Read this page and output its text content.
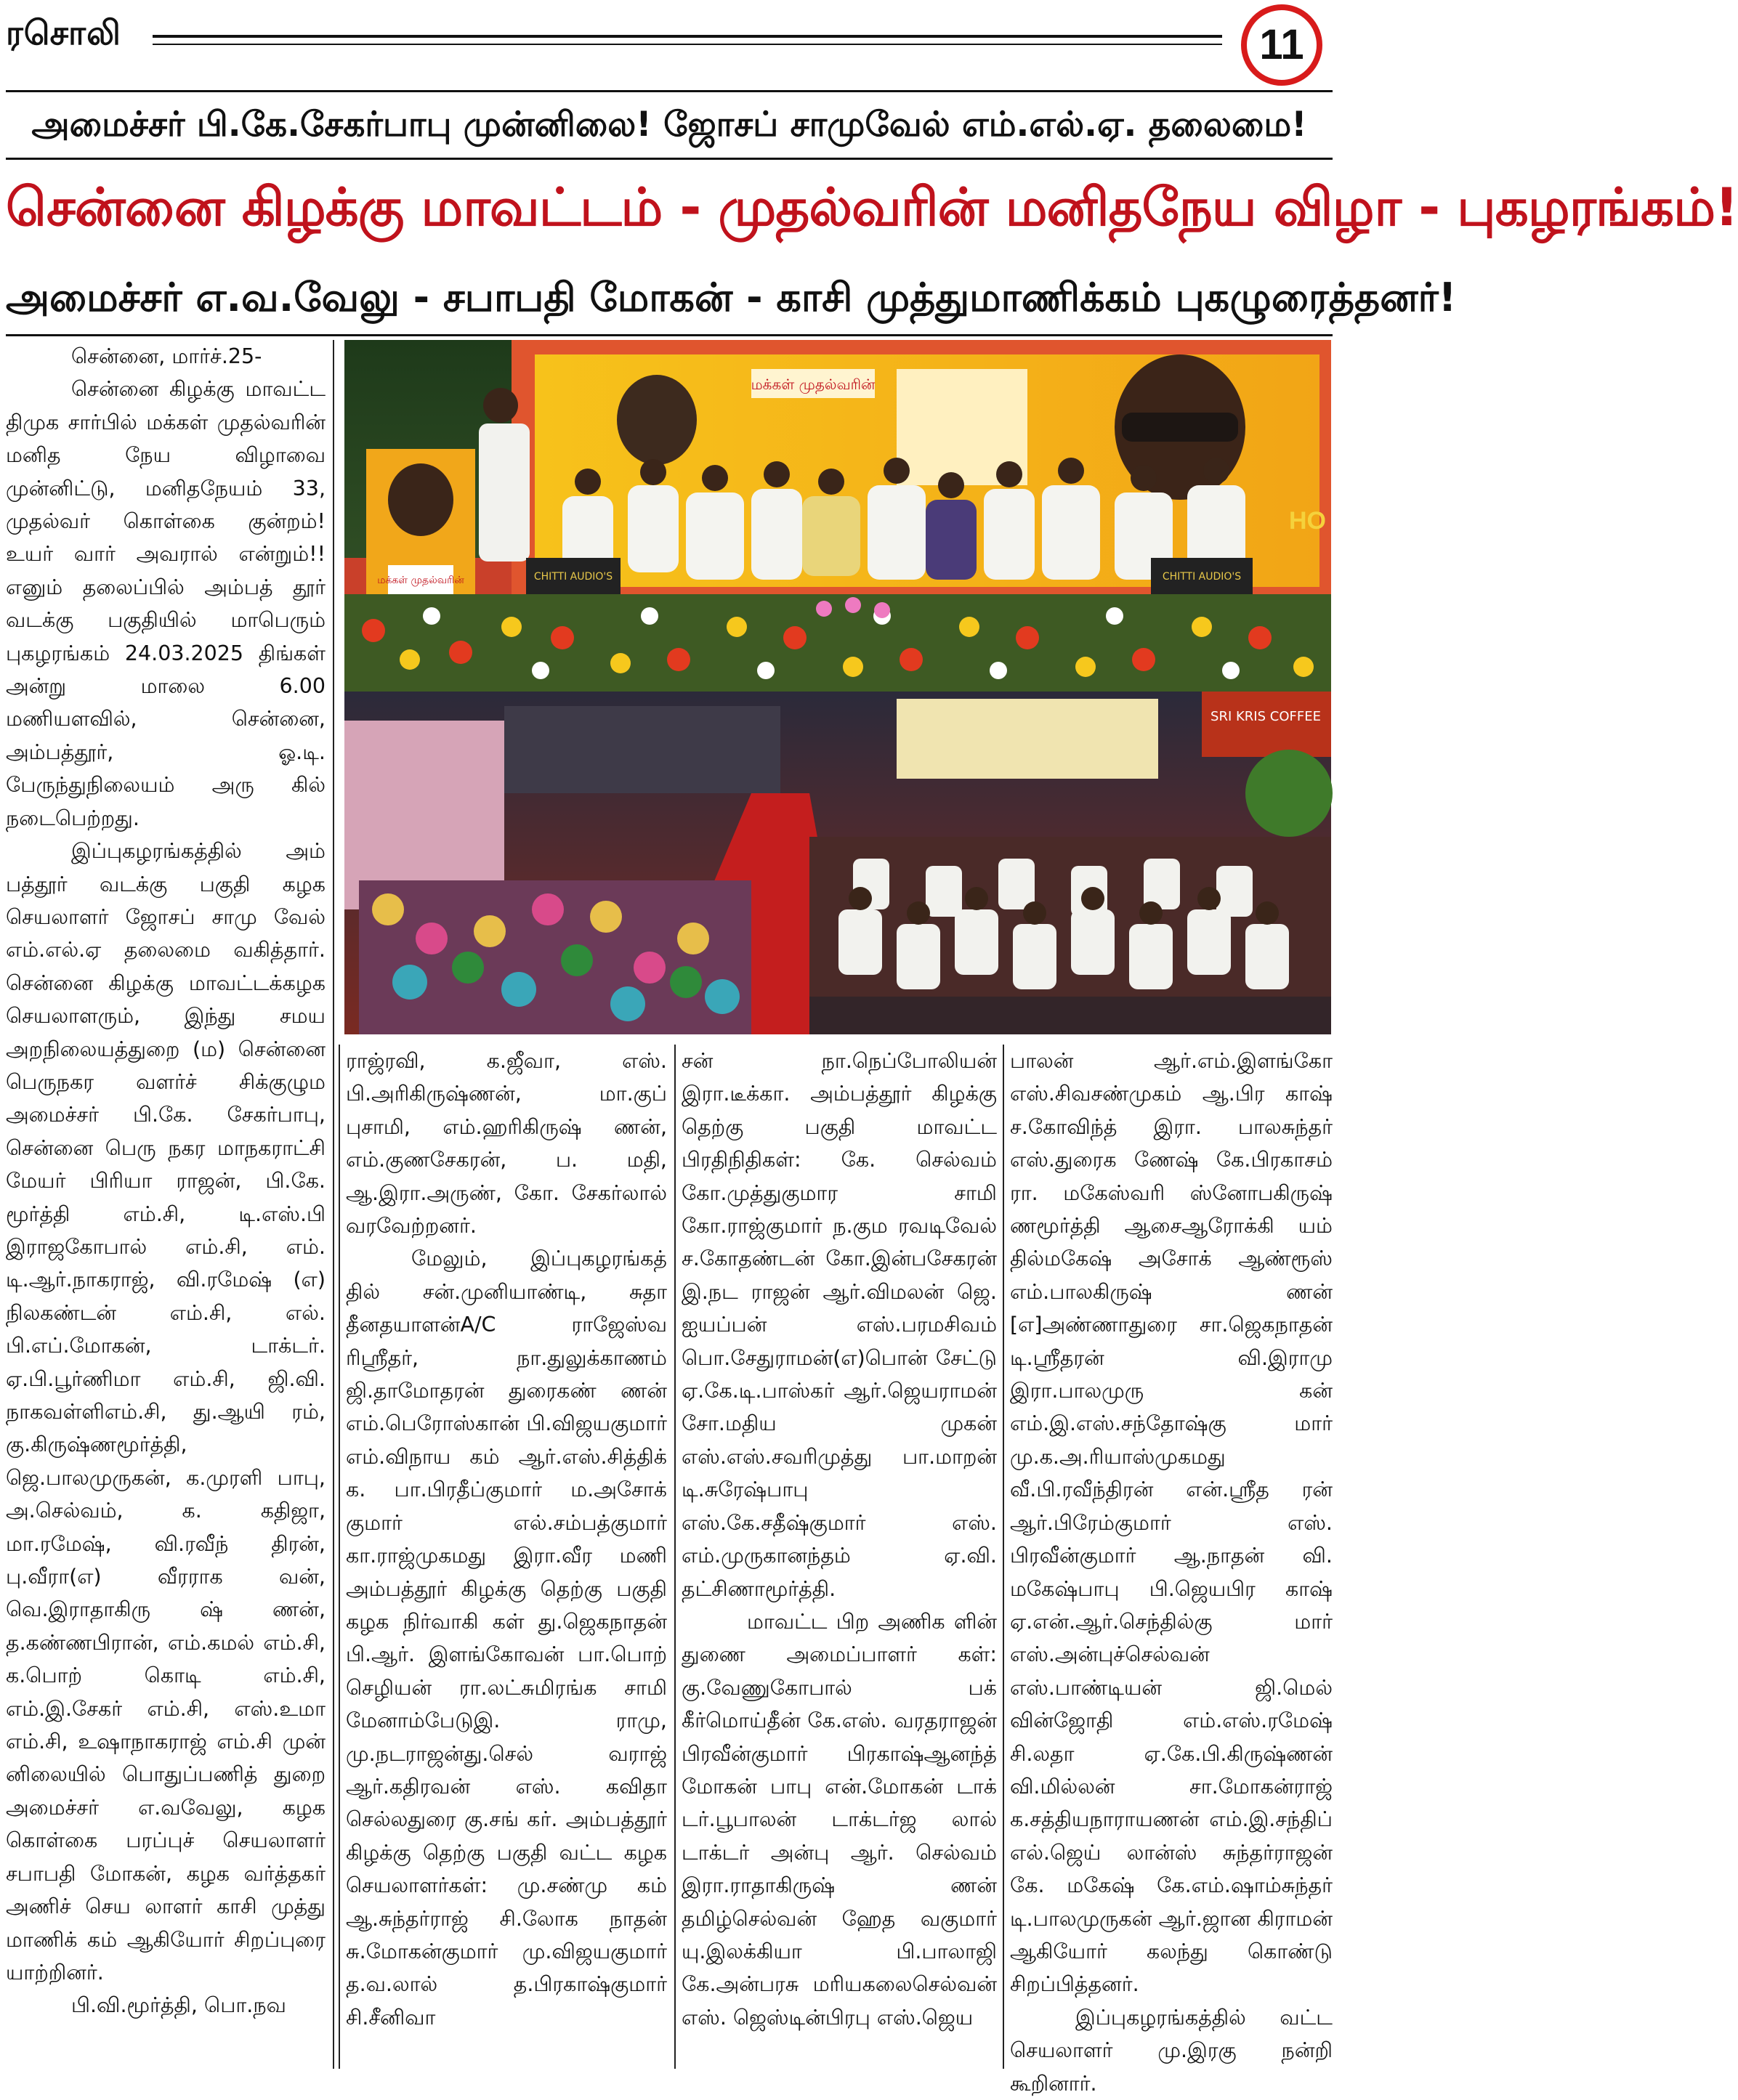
ரசொலி	11
அமைச்சர் பி.கே.சேகர்பாபு முன்னிலை! ஜோசப் சாமுவேல் எம்.எல்.ஏ. தலைமை!
சென்னை கிழக்கு மாவட்டம் - முதல்வரின் மனிதநேய விழா - புகழரங்கம்!
அமைச்சர் எ.வ.வேலு - சபாபதி மோகன் - காசி முத்துமாணிக்கம் புகழுரைத்தனர்!
மக்கள் முதல்வரின்
மக்கள் முதல்வரின்	CHITTI AUDIO'S	CHITTI AUDIO'S
HO
SRI KRIS COFFEE

சென்னை, மார்ச்.25-

சென்னை கிழக்கு மாவட்ட திமுக சார்பில் மக்கள் முதல்வரின் மனித நேய விழாவை முன்னிட்டு, மனிதநேயம் 33, முதல்வர் கொள்கை குன்றம்! உயர் வார் அவரால் என்றும்!! எனும் தலைப்பில் அம்பத் தூர் வடக்கு பகுதியில் மாபெரும் புகழரங்கம் 24.03.2025 திங்கள் அன்று மாலை 6.00 மணியளவில், சென்னை, அம்பத்தூர், ஓ.டி. பேருந்துநிலையம் அரு கில் நடைபெற்றது.

இப்புகழரங்கத்தில் அம் பத்தூர் வடக்கு பகுதி கழக செயலாளர் ஜோசப் சாமு வேல் எம்.எல்.ஏ தலைமை வகித்தார். சென்னை கிழக்கு மாவட்டக்கழக செயலாளரும், இந்து சமய அறநிலையத்துறை (ம) சென்னை பெருநகர வளர்ச் சிக்குழும அமைச்சர் பி.கே. சேகர்பாபு, சென்னை பெரு நகர மாநகராட்சி மேயர் பிரியா ராஜன், பி.கே. மூர்த்தி எம்.சி, டி.எஸ்.பி இராஜகோபால் எம்.சி, எம். டி.ஆர்.நாகராஜ், வி.ரமேஷ் (எ) நிலகண்டன் எம்.சி, எல். பி.எப்.மோகன், டாக்டர். ஏ.பி.பூர்ணிமா எம்.சி, ஜி.வி. நாகவள்ளிஎம்.சி, து.ஆயி ரம், கு.கிருஷ்ணமூர்த்தி, ஜெ.பாலமுருகன், க.முரளி பாபு, அ.செல்வம், க. கதிஜா, மா.ரமேஷ், வி.ரவீந் திரன், பு.வீரா(எ) வீரராக வன், வெ.இராதாகிரு ஷ் ணன், த.கண்ணபிரான், எம்.கமல் எம்.சி, க.பொற் கொடி எம்.சி, எம்.இ.சேகர் எம்.சி, எஸ்.உமா எம்.சி, உஷாநாகராஜ் எம்.சி முன் னிலையில் பொதுப்பணித் துறை அமைச்சர் எ.வவேலு, கழக கொள்கை பரப்புச் செயலாளர் சபாபதி மோகன், கழக வர்த்தகர் அணிச் செய லாளர் காசி முத்து மாணிக் கம் ஆகியோர் சிறப்புரை யாற்றினர்.

பி.வி.மூர்த்தி, பொ.நவ

ராஜ்ரவி, க.ஜீவா, எஸ். பி.அரிகிருஷ்ணன், மா.குப் புசாமி, எம்.ஹரிகிருஷ் ணன், எம்.குணசேகரன், ப. மதி, ஆ.இரா.அருண், கோ. சேகர்லால் வரவேற்றனர்.

மேலும், இப்புகழரங்கத் தில் சன்.முனியாண்டி, சுதா தீனதயாளன்A/C ராஜேஸ்வ ரிஸ்ரீதர், நா.துலுக்காணம் ஜி.தாமோதரன் துரைகண் ணன் எம்.பெரோஸ்கான் பி.விஜயகுமார் எம்.விநாய கம் ஆர்.எஸ்.சித்திக் க. பா.பிரதீப்குமார் ம.அசோக் குமார் எல்.சம்பத்குமார் கா.ராஜ்முகமது இரா.வீர மணி அம்பத்தூர் கிழக்கு தெற்கு பகுதி கழக நிர்வாகி கள் து.ஜெகநாதன் பி.ஆர். இளங்கோவன் பா.பொற் செழியன் ரா.லட்சுமிரங்க சாமி மேனாம்பேடுஇ. ராமு, மு.நடராஜன்து.செல் வராஜ் ஆர்.கதிரவன் எஸ். கவிதா செல்லதுரை கு.சங் கர். அம்பத்தூர் கிழக்கு தெற்கு பகுதி வட்ட கழக செயலாளர்கள்: மு.சண்மு கம் ஆ.சுந்தர்ராஜ் சி.லோக நாதன் சு.மோகன்குமார் மு.விஜயகுமார் த.வ.லால் த.பிரகாஷ்குமார் சி.சீனிவா

சன் நா.நெப்போலியன் இரா.டீக்கா. அம்பத்தூர் கிழக்கு தெற்கு பகுதி மாவட்ட பிரதிநிதிகள்: கே. செல்வம் கோ.முத்துகுமார சாமி கோ.ராஜ்குமார் ந.கும ரவடிவேல் ச.கோதண்டன் கோ.இன்பசேகரன் இ.நட ராஜன் ஆர்.விமலன் ஜெ. ஐயப்பன் எஸ்.பரமசிவம் பொ.சேதுராமன்(எ)பொன் சேட்டு ஏ.கே.டி.பாஸ்கர் ஆர்.ஜெயராமன் சோ.மதிய முகன் எஸ்.எஸ்.சவரிமுத்து பா.மாறன் டி.சுரேஷ்பாபு எஸ்.கே.சதீஷ்குமார் எஸ். எம்.முருகானந்தம் ஏ.வி. தட்சிணாமூர்த்தி.

மாவட்ட பிற அணிக ளின் துணை அமைப்பாளர் கள்: கு.வேணுகோபால் பக் கீர்மொய்தீன் கே.எஸ். வரதராஜன் பிரவீன்குமார் பிரகாஷ்ஆனந்த் மோகன் பாபு என்.மோகன் டாக் டர்.பூபாலன் டாக்டர்ஜ லால் டாக்டர் அன்பு ஆர். செல்வம் இரா.ராதாகிருஷ் ணன் தமிழ்செல்வன் ஹேத வகுமார் யு.இலக்கியா பி.பாலாஜி கே.அன்பரசு மரியகலைசெல்வன் எஸ். ஜெஸ்டின்பிரபு எஸ்.ஜெய

பாலன் ஆர்.எம்.இளங்கோ எஸ்.சிவசண்முகம் ஆ.பிர காஷ் ச.கோவிந்த் இரா. பாலசுந்தர் எஸ்.துரைக ணேஷ் கே.பிரகாசம் ரா. மகேஸ்வரி ஸ்னோபகிருஷ் ணமூர்த்தி ஆசைஆரோக்கி யம் தில்மகேஷ் அசோக் ஆண்ரூஸ் எம்.பாலகிருஷ் ணன் [எ]அண்ணாதுரை சா.ஜெகநாதன் டி.ஸ்ரீதரன் வி.இராமு இரா.பாலமுரு கன் எம்.இ.எஸ்.சந்தோஷ்கு மார் மு.க.அ.ரியாஸ்முகமது வீ.பி.ரவீந்திரன் என்.ஸ்ரீத ரன் ஆர்.பிரேம்குமார் எஸ். பிரவீன்குமார் ஆ.நாதன் வி. மகேஷ்பாபு பி.ஜெயபிர காஷ் ஏ.என்.ஆர்.செந்தில்கு மார் எஸ்.அன்புச்செல்வன் எஸ்.பாண்டியன் ஜி.மெல் வின்ஜோதி எம்.எஸ்.ரமேஷ் சி.லதா ஏ.கே.பி.கிருஷ்ணன் வி.மில்லன் சா.மோகன்ராஜ் க.சத்தியநாராயணன் எம்.இ.சந்திப் எல்.ஜெய் லான்ஸ் சுந்தர்ராஜன் கே. மகேஷ் கே.எம்.ஷாம்சுந்தர் டி.பாலமுருகன் ஆர்.ஜான கிராமன் ஆகியோர் கலந்து கொண்டு சிறப்பித்தனர்.

இப்புகழரங்கத்தில் வட்ட செயலாளர் மு.இரகு நன்றி கூறினார்.
